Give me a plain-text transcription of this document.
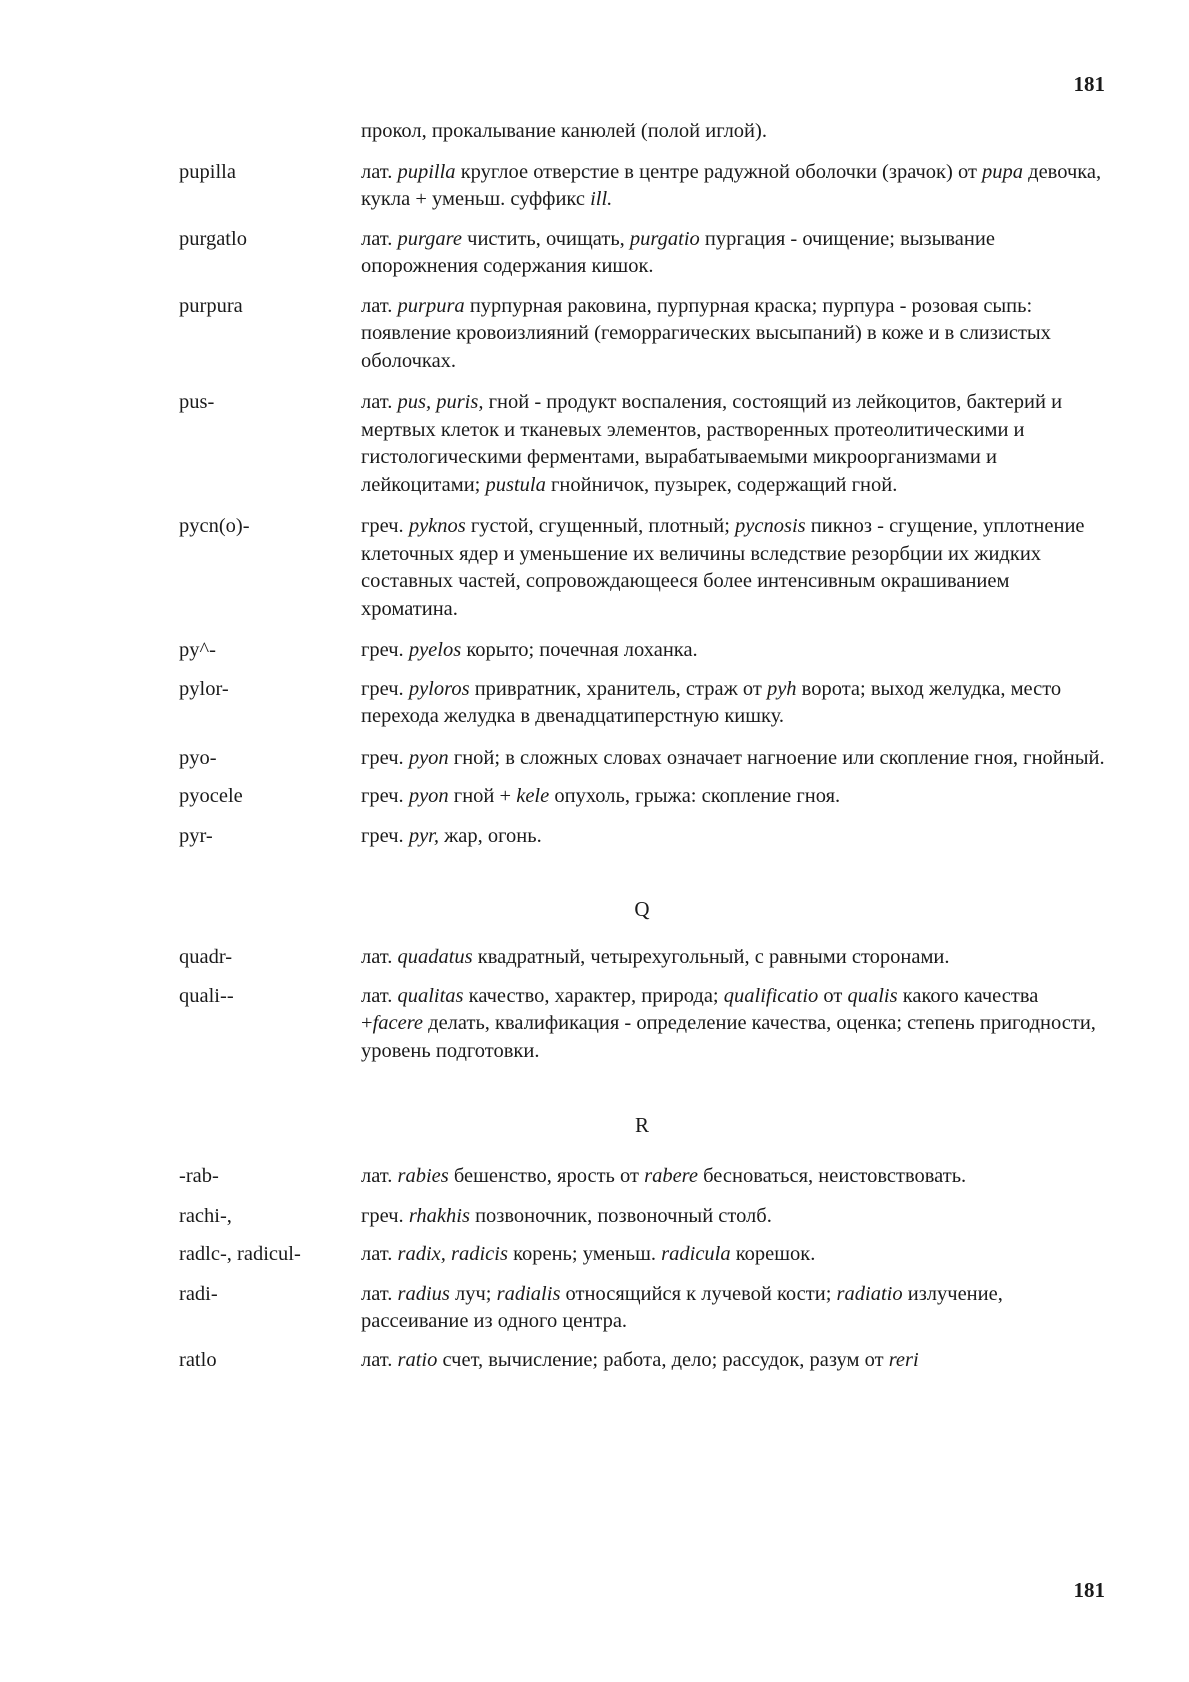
181
прокол, прокалывание канюлей (полой иглой).
pupilla	лат. pupilla круглое отверстие в центре радужной оболочки (зрачок) от pupa девочка, кукла + уменьш. суффикс ill.
purgatlo	лат. purgare чистить, очищать, purgatio пургация - очищение; вызывание опорожнения содержания кишок.
purpura	лат. purpura пурпурная раковина, пурпурная краска; пурпура - розовая сыпь: появление кровоизлияний (геморрагических высыпаний) в коже и в слизистых оболочках.
pus-	лат. pus, puris, гной - продукт воспаления, состоящий из лейкоцитов, бактерий и мертвых клеток и тканевых элементов, растворенных протеолитическими и гистологическими ферментами, вырабатываемыми микроорганизмами и лейкоцитами; pustula гнойничок, пузырек, содержащий гной.
pycn(o)-	греч. pyknos густой, сгущенный, плотный; pycnosis пикноз - сгущение, уплотнение клеточных ядер и уменьшение их величины вследствие резорбции их жидких составных частей, сопровождающееся более интенсивным окрашиванием хроматина.
py^-	греч. pyelos корыто; почечная лоханка.
pylor-	греч. pyloros привратник, хранитель, страж от pyh ворота; выход желудка, место перехода желудка в двенадцатиперстную кишку.
pyo-	греч. pyon гной; в сложных словах означает нагноение или скопление гноя, гнойный.
pyocele	греч. pyon гной + kele опухоль, грыжа: скопление гноя.
pyr-	греч. pyr, жар, огонь.
Q
quadr-	лат. quadatus квадратный, четырехугольный, с равными сторонами.
quali--	лат. qualitas качество, характер, природа; qualificatio от qualis какого качества +facere делать, квалификация - определение качества, оценка; степень пригодности, уровень подготовки.
R
-rab-	лат. rabies бешенство, ярость от rabere бесноваться, неистовствовать.
rachi-,	греч. rhakhis позвоночник, позвоночный столб.
radlc-, radicul-	лат. radix, radicis корень; уменьш. radicula корешок.
radi-	лат. radius луч; radialis относящийся к лучевой кости; radiatio излучение, рассеивание из одного центра.
ratlo	лат. ratio счет, вычисление; работа, дело; рассудок, разум от reri
181
